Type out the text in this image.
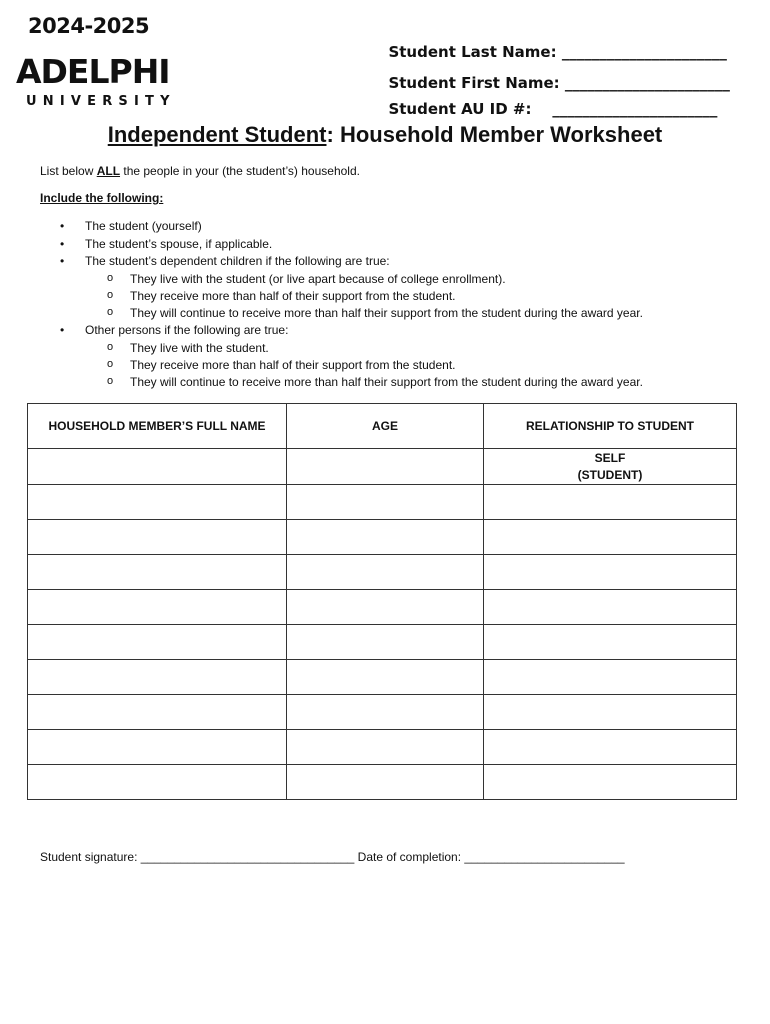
2024-2025
ADELPHI
UNIVERSITY

Student Last Name: ______________________

Student First Name: ______________________

Student AU ID #: ______________________

Independent Student: Household Member Worksheet
List below ALL the people in your (the student’s) household.
Include the following:
• The student (yourself)
• The student’s spouse, if applicable.
• The student’s dependent children if the following are true:
o They live with the student (or live apart because of college enrollment).
o They receive more than half of their support from the student.
o They will continue to receive more than half their support from the student during the award year.
• Other persons if the following are true:
o They live with the student.
o They receive more than half of their support from the student.
o They will continue to receive more than half their support from the student during the award year.
HOUSEHOLD MEMBER’S FULL NAME	AGE	RELATIONSHIP TO STUDENT

		SELF
(STUDENT)

Student signature: ________________________________ Date of completion: ________________________
